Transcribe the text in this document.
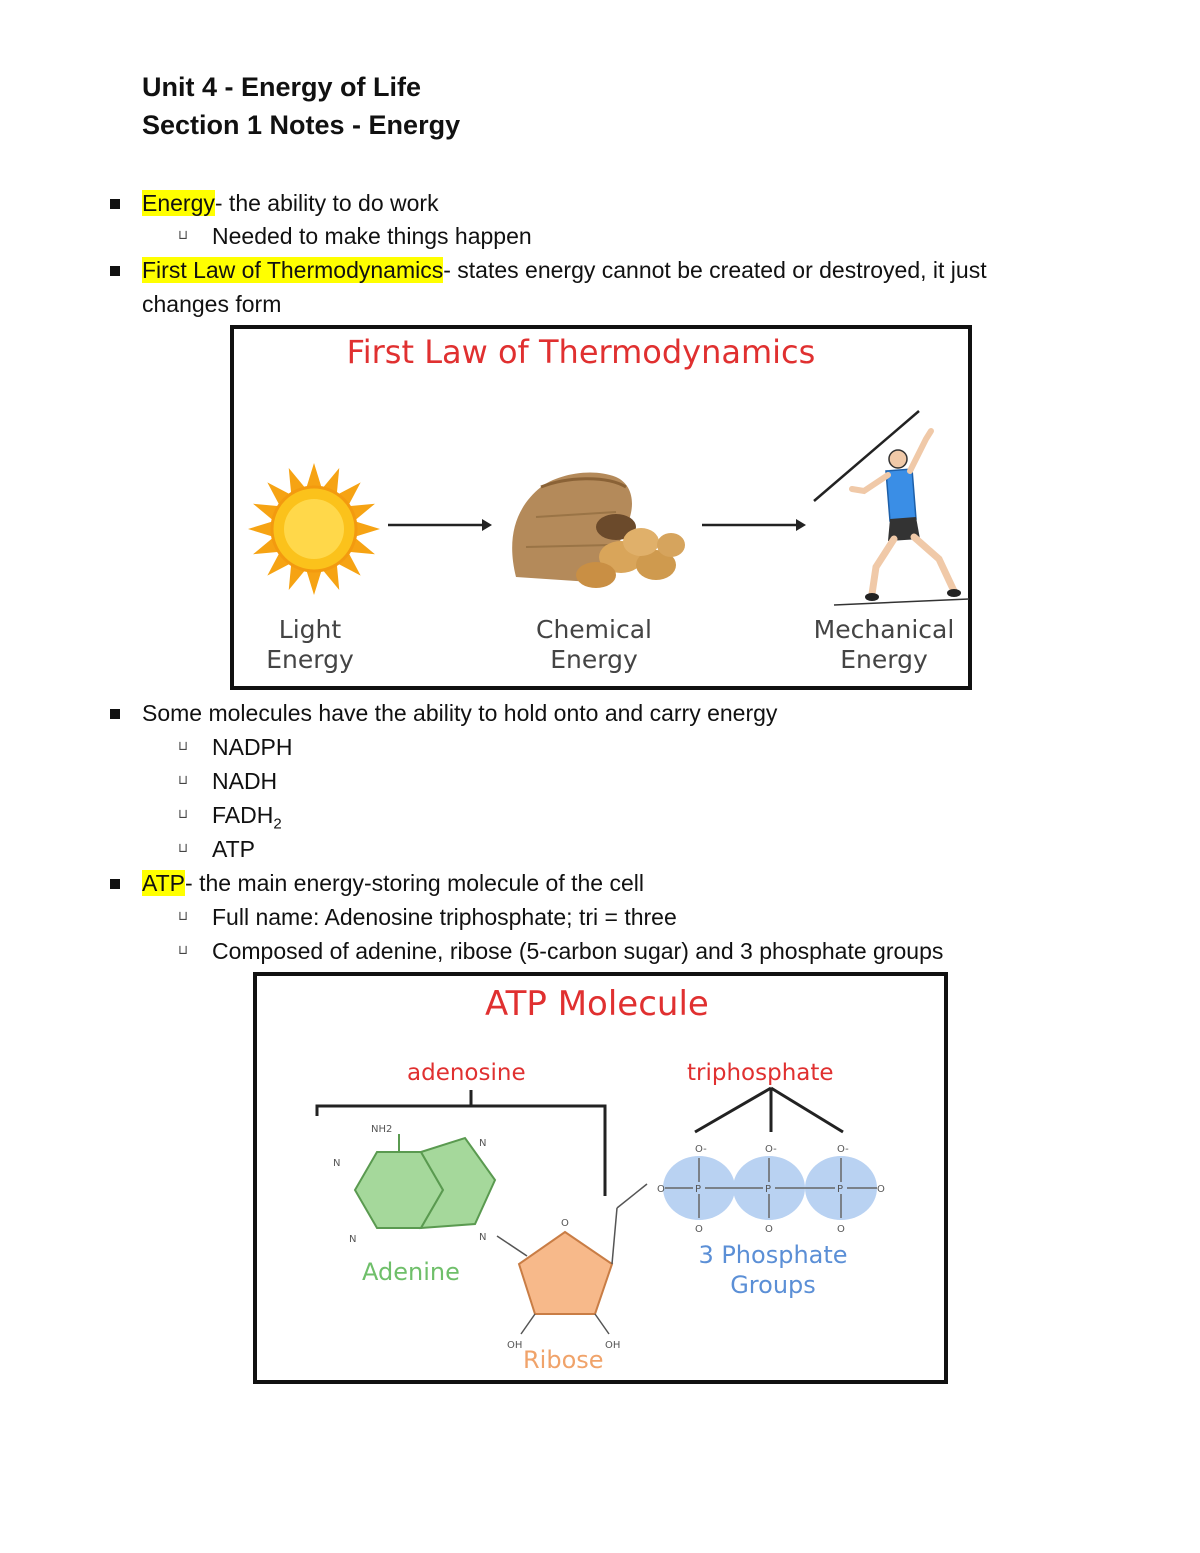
Unit 4 - Energy of Life
Section 1 Notes - Energy
Energy- the ability to do work
⊔ Needed to make things happen
First Law of Thermodynamics- states energy cannot be created or destroyed, it just
changes form
First Law of Thermodynamics
Light
Energy
Chemical
Energy
Mechanical
Energy
Some molecules have the ability to hold onto and carry energy
⊔ NADPH
⊔ NADH
⊔ $FADH_2$
⊔ ATP
ATP- the main energy-storing molecule of the cell
⊔ Full name: Adenosine triphosphate; tri = three
⊔ Composed of adenine, ribose (5-carbon sugar) and 3 phosphate groups
ATP Molecule
adenosine	triphosphate
NH2
N
N
N	N
Adenine
O
OH	OH
Ribose
P	P	P
O-	O-	O-
O	O	O
O	O
3 Phosphate
Groups
